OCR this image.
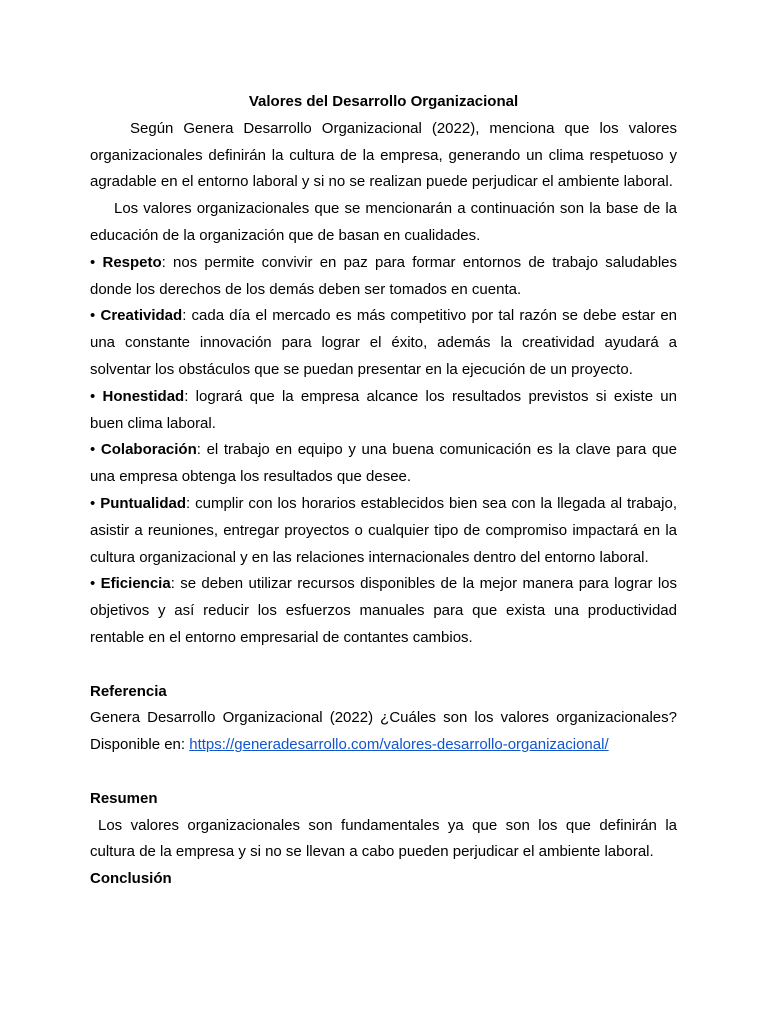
Valores del Desarrollo Organizacional

Según Genera Desarrollo Organizacional (2022), menciona que los valores organizacionales definirán la cultura de la empresa, generando un clima respetuoso y agradable en el entorno laboral y si no se realizan puede perjudicar el ambiente laboral.

Los valores organizacionales que se mencionarán a continuación son la base de la educación de la organización que de basan en cualidades.

• Respeto: nos permite convivir en paz para formar entornos de trabajo saludables donde los derechos de los demás deben ser tomados en cuenta.

• Creatividad: cada día el mercado es más competitivo por tal razón se debe estar en una constante innovación para lograr el éxito, además la creatividad ayudará a solventar los obstáculos que se puedan presentar en la ejecución de un proyecto.

• Honestidad: logrará que la empresa alcance los resultados previstos si existe un buen clima laboral.

• Colaboración: el trabajo en equipo y una buena comunicación es la clave para que una empresa obtenga los resultados que desee.

• Puntualidad: cumplir con los horarios establecidos bien sea con la llegada al trabajo, asistir a reuniones, entregar proyectos o cualquier tipo de compromiso impactará en la cultura organizacional y en las relaciones internacionales dentro del entorno laboral.

• Eficiencia: se deben utilizar recursos disponibles de la mejor manera para lograr los objetivos y así reducir los esfuerzos manuales para que exista una productividad rentable en el entorno empresarial de contantes cambios.

Referencia

Genera Desarrollo Organizacional (2022) ¿Cuáles son los valores organizacionales? Disponible en: https://generadesarrollo.com/valores-desarrollo-organizacional/

Resumen

Los valores organizacionales son fundamentales ya que son los que definirán la cultura de la empresa y si no se llevan a cabo pueden perjudicar el ambiente laboral.

Conclusión
